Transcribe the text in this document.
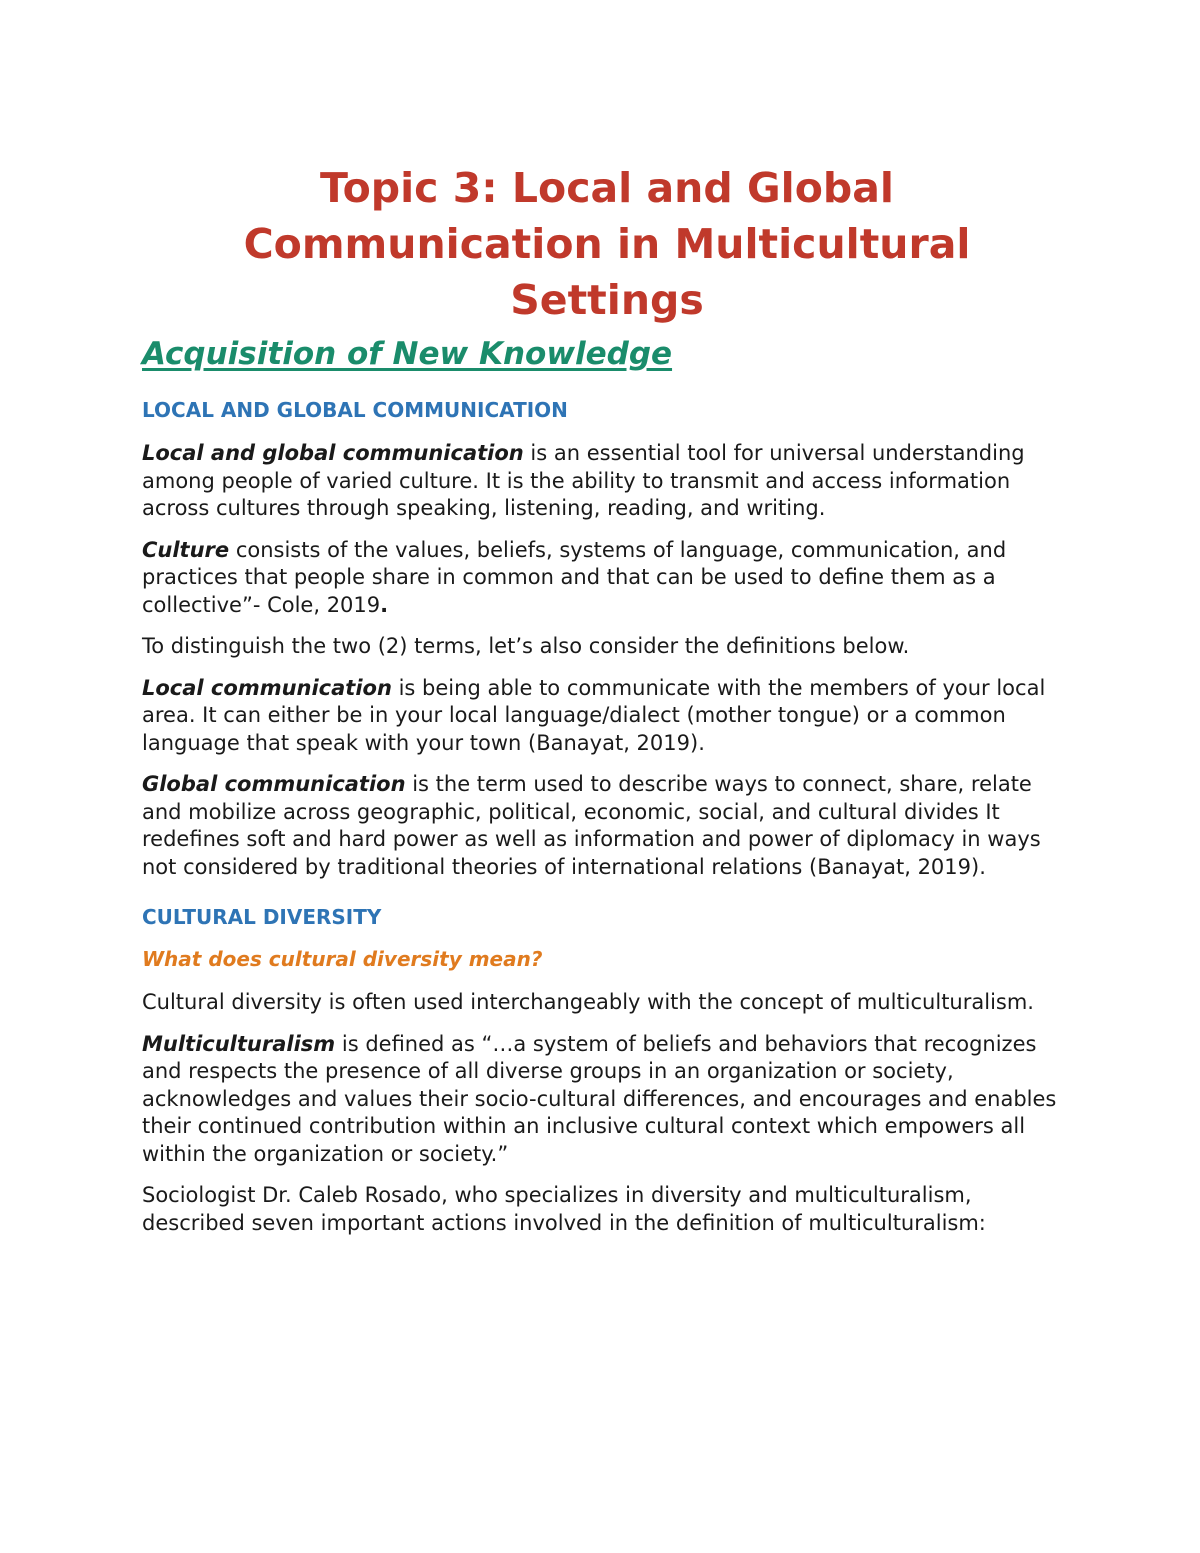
Topic 3: Local and Global
Communication in Multicultural
Settings
Acquisition of New Knowledge
LOCAL AND GLOBAL COMMUNICATION

Local and global communication is an essential tool for universal understanding among people of varied culture. It is the ability to transmit and access information across cultures through speaking, listening, reading, and writing.

Culture consists of the values, beliefs, systems of language, communication, and practices that people share in common and that can be used to define them as a collective”- Cole, 2019.

To distinguish the two (2) terms, let’s also consider the definitions below.

Local communication is being able to communicate with the members of your local area. It can either be in your local language/dialect (mother tongue) or a common language that speak with your town (Banayat, 2019).

Global communication is the term used to describe ways to connect, share, relate and mobilize across geographic, political, economic, social, and cultural divides It redefines soft and hard power as well as information and power of diplomacy in ways not considered by traditional theories of international relations (Banayat, 2019).

CULTURAL DIVERSITY
What does cultural diversity mean?

Cultural diversity is often used interchangeably with the concept of multiculturalism.

Multiculturalism is defined as “…a system of beliefs and behaviors that recognizes and respects the presence of all diverse groups in an organization or society, acknowledges and values their socio-cultural differences, and encourages and enables their continued contribution within an inclusive cultural context which empowers all within the organization or society.”

Sociologist Dr. Caleb Rosado, who specializes in diversity and multiculturalism, described seven important actions involved in the definition of multiculturalism:
